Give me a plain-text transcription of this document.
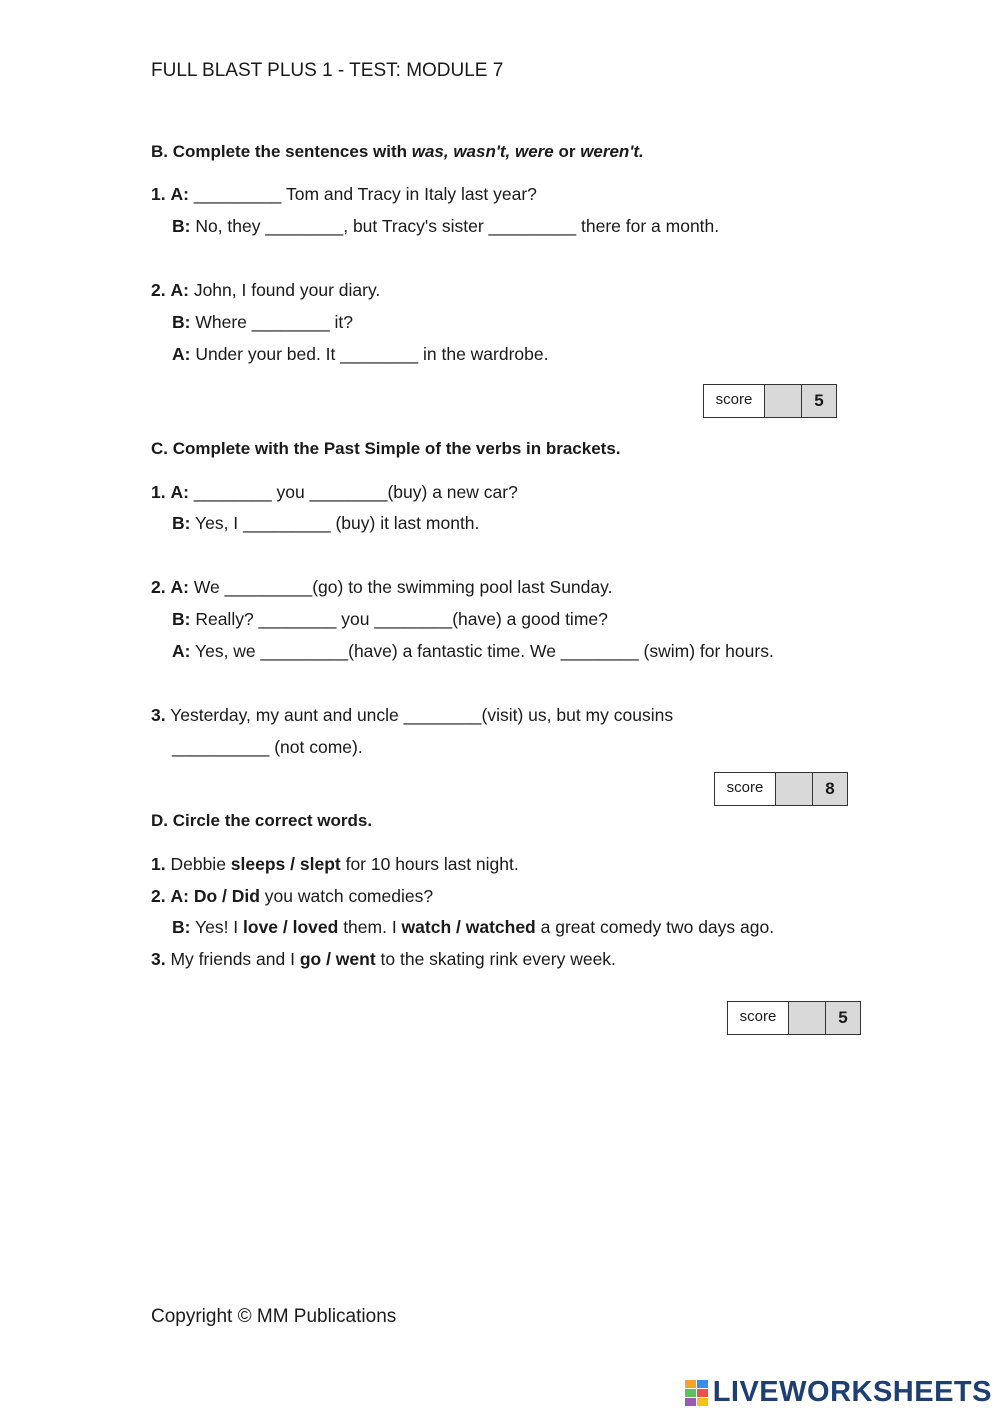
FULL BLAST PLUS 1 - TEST: MODULE 7
B. Complete the sentences with was, wasn't, were or weren't.
1. A: _________ Tom and Tracy in Italy last year?
B: No, they ________, but Tracy's sister _________ there for a month.
2. A: John, I found your diary.
B: Where ________ it?
A: Under your bed. It ________ in the wardrobe.
score	5
C. Complete with the Past Simple of the verbs in brackets.
1. A: ________ you ________(buy) a new car?
B: Yes, I _________ (buy) it last month.
2. A: We _________(go) to the swimming pool last Sunday.
B: Really? ________ you ________(have) a good time?
A: Yes, we _________(have) a fantastic time. We ________ (swim) for hours.
3. Yesterday, my aunt and uncle ________(visit) us, but my cousins
__________ (not come).
score	8
D. Circle the correct words.
1. Debbie sleeps / slept for 10 hours last night.
2. A: Do / Did you watch comedies?
B: Yes! I love / loved them. I watch / watched a great comedy two days ago.
3. My friends and I go / went to the skating rink every week.
score	5
Copyright © MM Publications
LIVEWORKSHEETS
